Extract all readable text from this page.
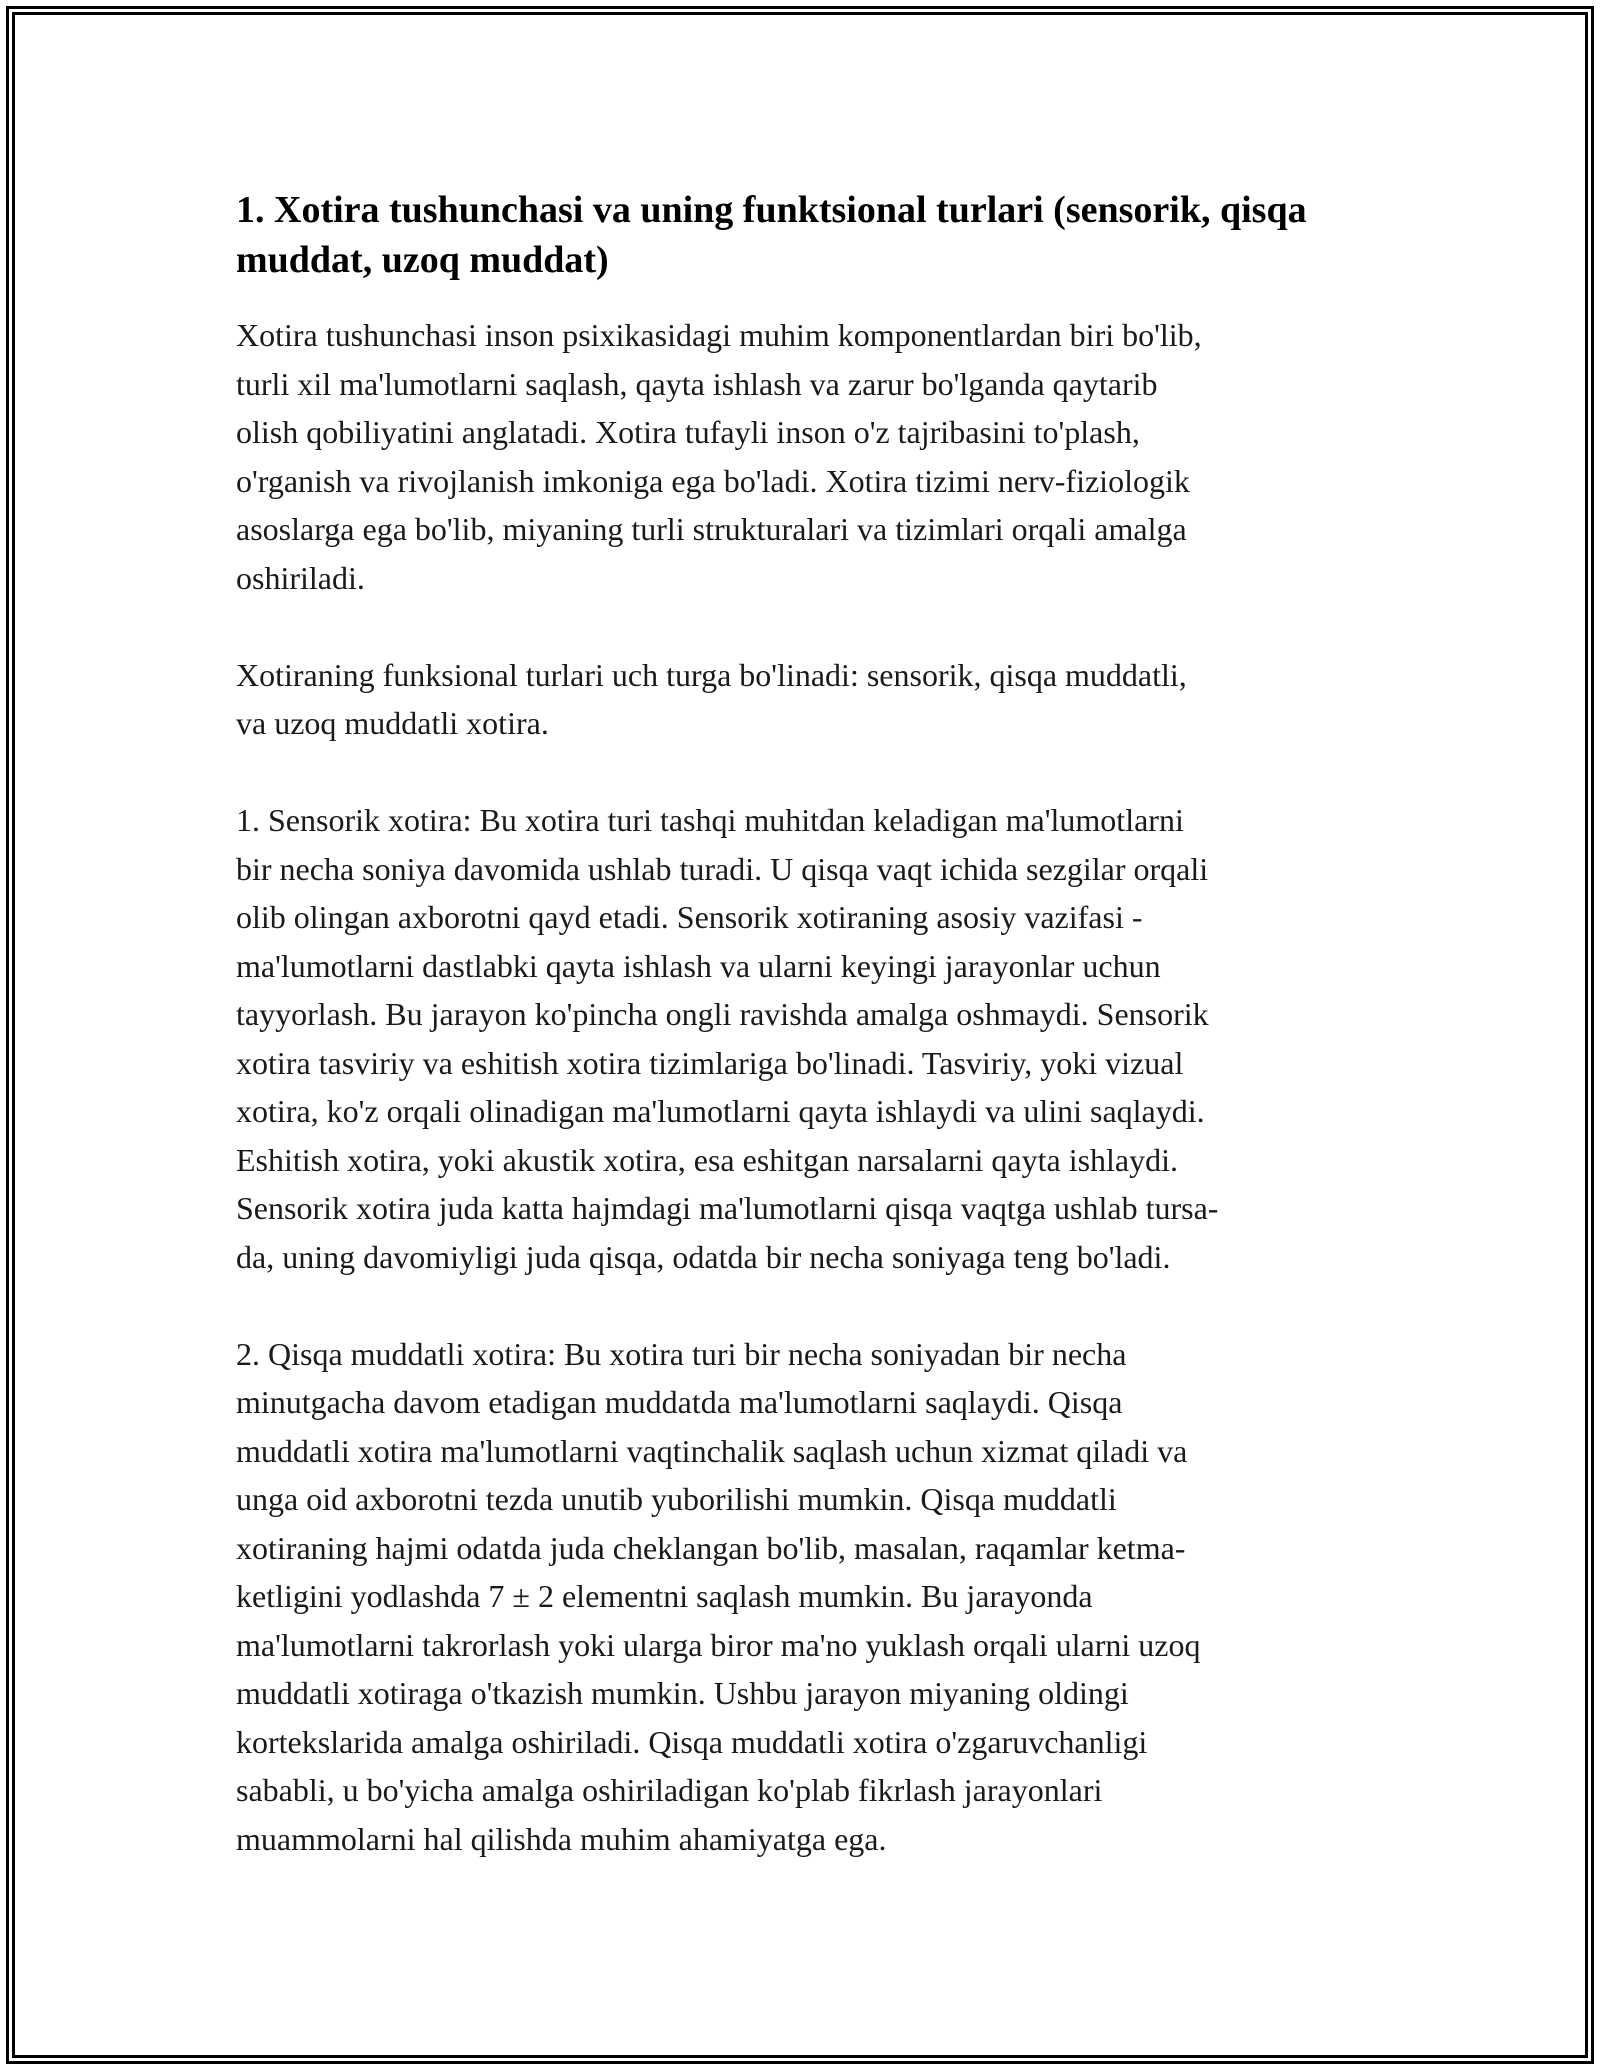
1. Xotira tushunchasi va uning funktsional turlari (sensorik, qisqa muddat, uzoq muddat)

Xotira tushunchasi inson psixikasidagi muhim komponentlardan biri bo'lib,
turli xil ma'lumotlarni saqlash, qayta ishlash va zarur bo'lganda qaytarib
olish qobiliyatini anglatadi. Xotira tufayli inson o'z tajribasini to'plash,
o'rganish va rivojlanish imkoniga ega bo'ladi. Xotira tizimi nerv-fiziologik
asoslarga ega bo'lib, miyaning turli strukturalari va tizimlari orqali amalga
oshiriladi.

Xotiraning funksional turlari uch turga bo'linadi: sensorik, qisqa muddatli,
va uzoq muddatli xotira.

1. Sensorik xotira: Bu xotira turi tashqi muhitdan keladigan ma'lumotlarni
bir necha soniya davomida ushlab turadi. U qisqa vaqt ichida sezgilar orqali
olib olingan axborotni qayd etadi. Sensorik xotiraning asosiy vazifasi -
ma'lumotlarni dastlabki qayta ishlash va ularni keyingi jarayonlar uchun
tayyorlash. Bu jarayon ko'pincha ongli ravishda amalga oshmaydi. Sensorik
xotira tasviriy va eshitish xotira tizimlariga bo'linadi. Tasviriy, yoki vizual
xotira, ko'z orqali olinadigan ma'lumotlarni qayta ishlaydi va ulini saqlaydi.
Eshitish xotira, yoki akustik xotira, esa eshitgan narsalarni qayta ishlaydi.
Sensorik xotira juda katta hajmdagi ma'lumotlarni qisqa vaqtga ushlab tursa-
da, uning davomiyligi juda qisqa, odatda bir necha soniyaga teng bo'ladi.

2. Qisqa muddatli xotira: Bu xotira turi bir necha soniyadan bir necha
minutgacha davom etadigan muddatda ma'lumotlarni saqlaydi. Qisqa
muddatli xotira ma'lumotlarni vaqtinchalik saqlash uchun xizmat qiladi va
unga oid axborotni tezda unutib yuborilishi mumkin. Qisqa muddatli
xotiraning hajmi odatda juda cheklangan bo'lib, masalan, raqamlar ketma-
ketligini yodlashda 7 ± 2 elementni saqlash mumkin. Bu jarayonda
ma'lumotlarni takrorlash yoki ularga biror ma'no yuklash orqali ularni uzoq
muddatli xotiraga o'tkazish mumkin. Ushbu jarayon miyaning oldingi
kortekslarida amalga oshiriladi. Qisqa muddatli xotira o'zgaruvchanligi
sababli, u bo'yicha amalga oshiriladigan ko'plab fikrlash jarayonlari
muammolarni hal qilishda muhim ahamiyatga ega.
